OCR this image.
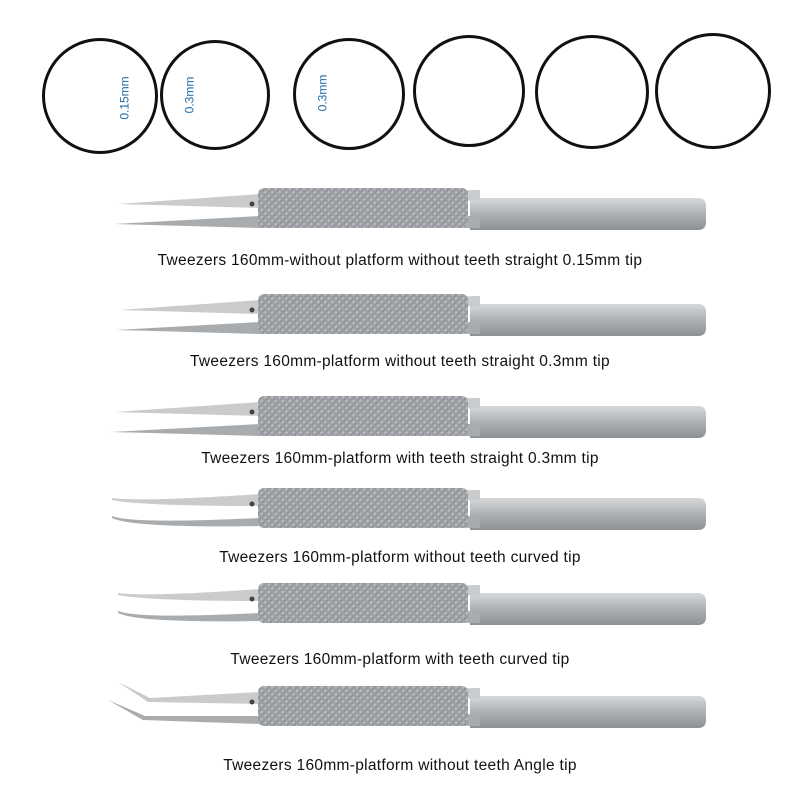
0.15mm	0.3mm	0.3mm
Tweezers 160mm-without platform without teeth straight 0.15mm tip
Tweezers 160mm-platform without teeth straight 0.3mm tip
Tweezers 160mm-platform with teeth straight 0.3mm tip
Tweezers 160mm-platform without teeth curved tip
Tweezers 160mm-platform with teeth curved tip
Tweezers 160mm-platform without teeth Angle tip
